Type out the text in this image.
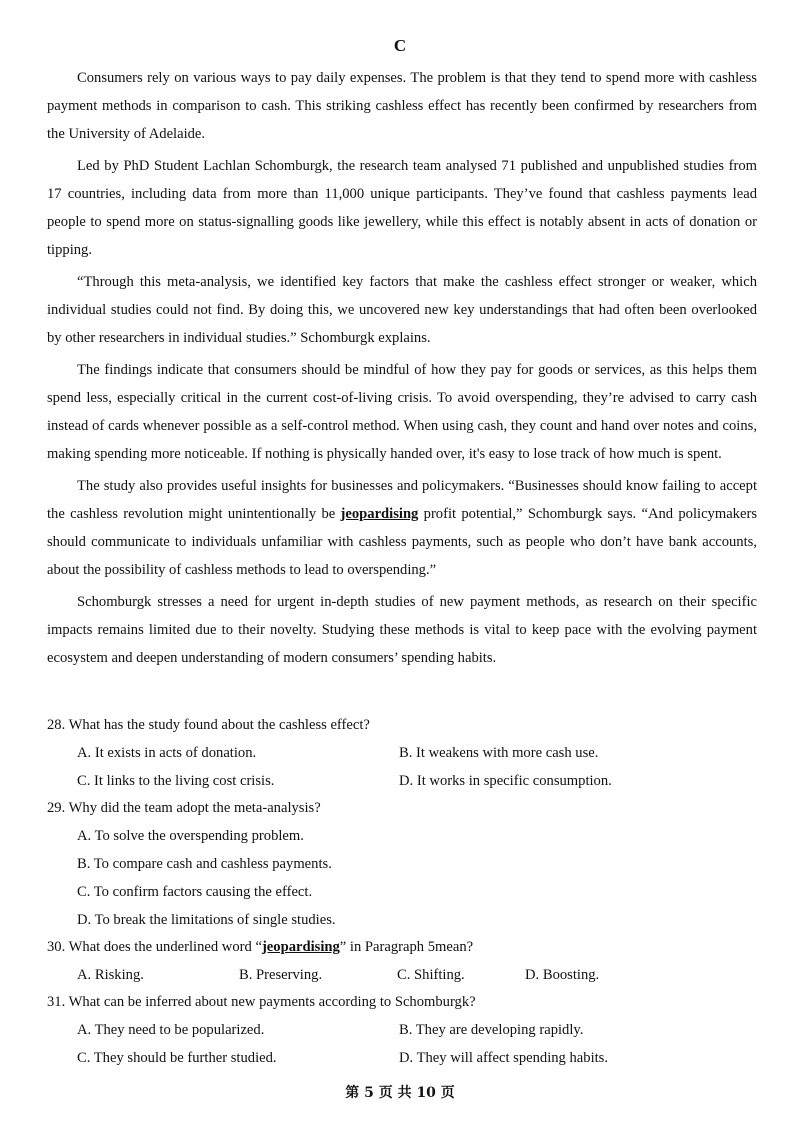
C

Consumers rely on various ways to pay daily expenses. The problem is that they tend to spend more with cashless payment methods in comparison to cash. This striking cashless effect has recently been confirmed by researchers from the University of Adelaide.

Led by PhD Student Lachlan Schomburgk, the research team analysed 71 published and unpublished studies from 17 countries, including data from more than 11,000 unique participants. They’ve found that cashless payments lead people to spend more on status-signalling goods like jewellery, while this effect is notably absent in acts of donation or tipping.

“Through this meta-analysis, we identified key factors that make the cashless effect stronger or weaker, which individual studies could not find. By doing this, we uncovered new key understandings that had often been overlooked by other researchers in individual studies.” Schomburgk explains.

The findings indicate that consumers should be mindful of how they pay for goods or services, as this helps them spend less, especially critical in the current cost-of-living crisis. To avoid overspending, they’re advised to carry cash instead of cards whenever possible as a self-control method. When using cash, they count and hand over notes and coins, making spending more noticeable. If nothing is physically handed over, it's easy to lose track of how much is spent.

The study also provides useful insights for businesses and policymakers. “Businesses should know failing to accept the cashless revolution might unintentionally be jeopardising profit potential,” Schomburgk says. “And policymakers should communicate to individuals unfamiliar with cashless payments, such as people who don’t have bank accounts, about the possibility of cashless methods to lead to overspending.”

Schomburgk stresses a need for urgent in-depth studies of new payment methods, as research on their specific impacts remains limited due to their novelty. Studying these methods is vital to keep pace with the evolving payment ecosystem and deepen understanding of modern consumers’ spending habits.

28. What has the study found about the cashless effect?

A. It exists in acts of donation.	B. It weakens with more cash use.
C. It links to the living cost crisis.	D. It works in specific consumption.

29. Why did the team adopt the meta-analysis?

A. To solve the overspending problem.
B. To compare cash and cashless payments.
C. To confirm factors causing the effect.
D. To break the limitations of single studies.

30. What does the underlined word “jeopardising” in Paragraph 5mean?

A. Risking.	B. Preserving.	C. Shifting.	D. Boosting.

31. What can be inferred about new payments according to Schomburgk?

A. They need to be popularized.	B. They are developing rapidly.
C. They should be further studied.	D. They will affect spending habits.
第 5 页 共 10 页
